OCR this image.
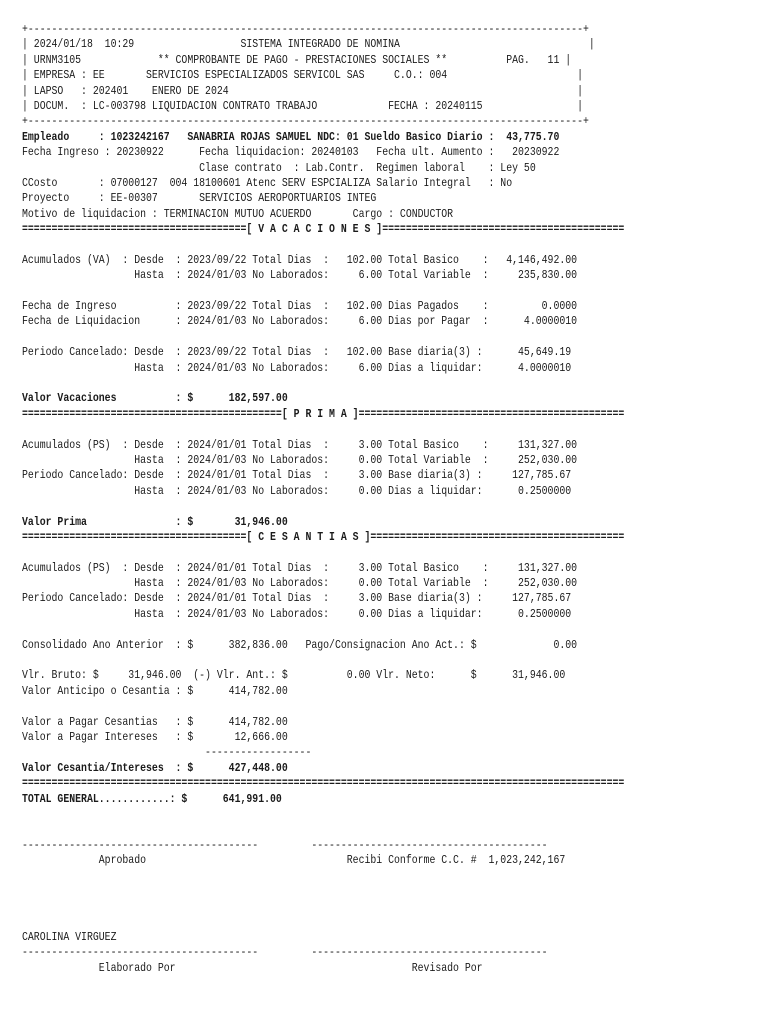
+----------------------------------------------------------------------------------------------+
| 2024/01/18  10:29                  SISTEMA INTEGRADO DE NOMINA                                |
| URNM3105             ** COMPROBANTE DE PAGO - PRESTACIONES SOCIALES **          PAG.   11 |
| EMPRESA : EE       SERVICIOS ESPECIALIZADOS SERVICOL SAS     C.O.: 004                      |
| LAPSO   : 202401    ENERO DE 2024                                                           |
| DOCUM.  : LC-003798 LIQUIDACION CONTRATO TRABAJO            FECHA : 20240115                |
+----------------------------------------------------------------------------------------------+
Empleado     : 1023242167   SANABRIA ROJAS SAMUEL NDC: 01 Sueldo Basico Diario :  43,775.70
Fecha Ingreso : 20230922      Fecha liquidacion: 20240103   Fecha ult. Aumento :   20230922
Clase contrato  : Lab.Contr.  Regimen laboral    : Ley 50
CCosto       : 07000127  004 18100601 Atenc SERV ESPCIALIZA Salario Integral   : No
Proyecto     : EE-00307       SERVICIOS AEROPORTUARIOS INTEG
Motivo de liquidacion : TERMINACION MUTUO ACUERDO       Cargo : CONDUCTOR
======================================[ V A C A C I O N E S ]=========================================
Acumulados (VA)  : Desde  : 2023/09/22 Total Dias  :   102.00 Total Basico    :   4,146,492.00
Hasta  : 2024/01/03 No Laborados:     6.00 Total Variable  :     235,830.00
Fecha de Ingreso          : 2023/09/22 Total Dias  :   102.00 Dias Pagados    :         0.0000
Fecha de Liquidacion      : 2024/01/03 No Laborados:     6.00 Dias por Pagar  :      4.0000010
Periodo Cancelado: Desde  : 2023/09/22 Total Dias  :   102.00 Base diaria(3) :      45,649.19
Hasta  : 2024/01/03 No Laborados:     6.00 Dias a liquidar:      4.0000010
Valor Vacaciones          : $      182,597.00
============================================[ P R I M A ]=============================================
Acumulados (PS)  : Desde  : 2024/01/01 Total Dias  :     3.00 Total Basico    :     131,327.00
Hasta  : 2024/01/03 No Laborados:     0.00 Total Variable  :     252,030.00
Periodo Cancelado: Desde  : 2024/01/01 Total Dias  :     3.00 Base diaria(3) :     127,785.67
Hasta  : 2024/01/03 No Laborados:     0.00 Dias a liquidar:      0.2500000
Valor Prima               : $       31,946.00
======================================[ C E S A N T I A S ]===========================================
Acumulados (PS)  : Desde  : 2024/01/01 Total Dias  :     3.00 Total Basico    :     131,327.00
Hasta  : 2024/01/03 No Laborados:     0.00 Total Variable  :     252,030.00
Periodo Cancelado: Desde  : 2024/01/01 Total Dias  :     3.00 Base diaria(3) :     127,785.67
Hasta  : 2024/01/03 No Laborados:     0.00 Dias a liquidar:      0.2500000
Consolidado Ano Anterior  : $      382,836.00   Pago/Consignacion Ano Act.: $             0.00
Vlr. Bruto: $     31,946.00  (-) Vlr. Ant.: $          0.00 Vlr. Neto:      $      31,946.00
Valor Anticipo o Cesantia : $      414,782.00
Valor a Pagar Cesantias   : $      414,782.00
Valor a Pagar Intereses   : $       12,666.00
------------------
Valor Cesantia/Intereses  : $      427,448.00
======================================================================================================
TOTAL GENERAL............: $      641,991.00
----------------------------------------         ----------------------------------------
Aprobado                                  Recibi Conforme C.C. #  1,023,242,167
CAROLINA VIRGUEZ
----------------------------------------         ----------------------------------------
Elaborado Por                                        Revisado Por
